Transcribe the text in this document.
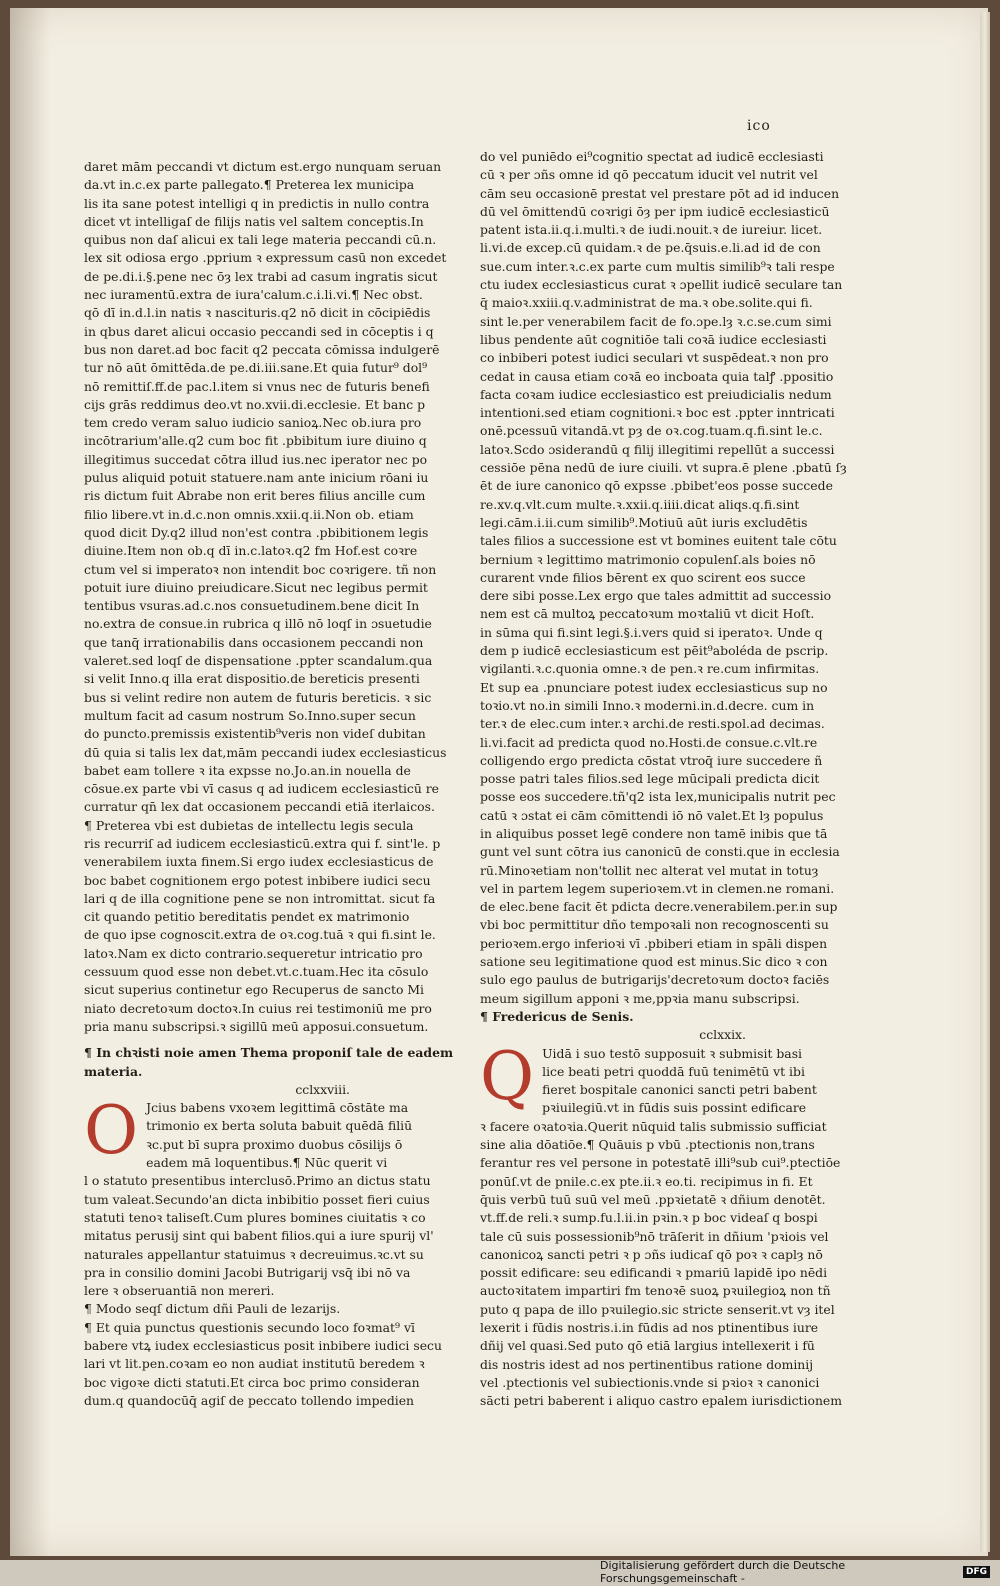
ico
daret mām peccandi vt dictum est.ergo nunquam seruan
da.vt in.c.ex parte pallegato.¶ Preterea lex municipa
lis ita sane potest intelligi q in predictis in nullo contra
dicet vt intelligaſ de filijs natis vel saltem conceptis.In
quibus non daſ alicui ex tali lege materia peccandi cū.n.
lex sit odiosa ergo .pprium ꝛ expressum casū non excedet
de pe.di.i.§.pene nec ōȝ lex trabi ad casum ingratis sicut
nec iuramentū.extra de iura'calum.c.i.li.vi.¶ Nec obst.
qō dī in.d.l.in natis ꝛ nascituris.q2 nō dicit in cōcipiēdis
in qbus daret alicui occasio peccandi sed in cōceptis i q
bus non daret.ad boc facit q2 peccata cōmissa indulgerē
tur nō aūt ōmittēda.de pe.di.iii.sane.Et quia futur⁹ dol⁹
nō remittiſ.ff.de pac.l.item si vnus nec de futuris benefi
cijs grās reddimus deo.vt no.xvii.di.ecclesie. Et banc p
tem credo veram saluo iudicio sanioꝝ.Nec ob.iura pro
incōtrarium'alle.q2 cum boc fit .pbibitum iure diuino q
illegitimus succedat cōtra illud ius.nec iperator nec po
pulus aliquid potuit statuere.nam ante inicium rōani iu
ris dictum fuit Abrabe non erit beres filius ancille cum
filio libere.vt in.d.c.non omnis.xxii.q.ii.Non ob. etiam
quod dicit Dy.q2 illud non'est contra .pbibitionem legis
diuine.Item non ob.q dī in.c.latoꝛ.q2 fm Hof.est coꝛre
ctum vel si imperatoꝛ non intendit boc coꝛrigere. tñ non
potuit iure diuino preiudicare.Sicut nec legibus permit
tentibus vsuras.ad.c.nos consuetudinem.bene dicit In
no.extra de consue.in rubrica q illō nō loqſ in ɔsuetudie
que tanq̄ irrationabilis dans occasionem peccandi non
valeret.sed loqſ de dispensatione .ppter scandalum.qua
si velit Inno.q illa erat dispositio.de bereticis presenti
bus si velint redire non autem de futuris bereticis. ꝛ sic
multum facit ad casum nostrum So.Inno.super secun
do puncto.premissis existentib⁹veris non videſ dubitan
dū quia si talis lex dat,mām peccandi iudex ecclesiasticus
babet eam tollere ꝛ ita expsse no.Jo.an.in nouella de
cōsue.ex parte vbi vī casus q ad iudicem ecclesiasticū re
curratur qn̄ lex dat occasionem peccandi etiā iterlaicos.
¶ Preterea vbi est dubietas de intellectu legis secula
ris recurriſ ad iudicem ecclesiasticū.extra qui f. sint'le. p
venerabilem iuxta finem.Si ergo iudex ecclesiasticus de
boc babet cognitionem ergo potest inbibere iudici secu
lari q de illa cognitione pene se non intromittat. sicut fa
cit quando petitio bereditatis pendet ex matrimonio
de quo ipse cognoscit.extra de oꝛ.cog.tuā ꝛ qui fi.sint le.
latoꝛ.Nam ex dicto contrario.sequeretur intricatio pro
cessuum quod esse non debet.vt.c.tuam.Hec ita cōsulo
sicut superius continetur ego Recuperus de sancto Mi
niato decretoꝛum doctoꝛ.In cuius rei testimoniū me pro
pria manu subscripsi.ꝛ sigillū meū apposui.consuetum.
¶ In chꝛisti noie amen Thema proponiſ tale de eadem
materia.
cclxxviii.
O Jcius babens vxoꝛem legittimā cōstāte ma
trimonio ex berta soluta babuit quēdā filiū
ꝛc.put bī supra proximo duobus cōsilijs ō
eadem mā loquentibus.¶ Nūc querit vi
l o statuto presentibus interclusō.Primo an dictus statu
tum valeat.Secundo'an dicta inbibitio posset fieri cuius
statuti tenoꝛ taliseſt.Cum plures bomines ciuitatis ꝛ co
mitatus perusij sint qui babent filios.qui a iure spurij vl'
naturales appellantur statuimus ꝛ decreuimus.ꝛc.vt su
pra in consilio domini Jacobi Butrigarij vsq̄ ibi nō va
lere ꝛ obseruantiā non mereri.
¶ Modo seqſ dictum dñi Pauli de lezarijs.
¶ Et quia punctus questionis secundo loco foꝛmat⁹ vī
babere vtꝝ iudex ecclesiasticus posit inbibere iudici secu
lari vt lit.pen.coꝛam eo non audiat institutū beredem ꝛ
boc vigoꝛe dicti statuti.Et circa boc primo consideran
dum.q quandocūq̄ agiſ de peccato tollendo impedien
do vel puniēdo ei⁹cognitio spectat ad iudicē ecclesiasti
cū ꝛ per ɔñs omne id qō peccatum iducit vel nutrit vel
cām seu occasionē prestat vel prestare pōt ad id inducen
dū vel ōmittendū coꝛrigi ōȝ per ipm iudicē ecclesiasticū
patent ista.ii.q.i.multi.ꝛ de iudi.nouit.ꝛ de iureiur. licet.
li.vi.de excep.cū quidam.ꝛ de pe.q̄suis.e.li.ad id de con
sue.cum inter.ꝛ.c.ex parte cum multis similib⁹ꝛ tali respe
ctu iudex ecclesiasticus curat ꝛ ɔpellit iudicē seculare tan
q̄ maioꝛ.xxiii.q.v.administrat de ma.ꝛ obe.solite.qui fi.
sint le.per venerabilem facit de fo.ɔpe.lȝ ꝛ.c.se.cum simi
libus pendente aūt cognitiōe tali coꝛā iudice ecclesiasti
co inbiberi potest iudici seculari vt suspēdeat.ꝛ non pro
cedat in causa etiam coꝛā eo incboata quia talꝭ .ppositio
facta coꝛam iudice ecclesiastico est preiudicialis nedum
intentioni.sed etiam cognitioni.ꝛ boc est .ppter inntricati
onē.pcessuū vitandā.vt pȝ de oꝛ.cog.tuam.q.fi.sint le.c.
latoꝛ.Scdo ɔsiderandū q filij illegitimi repellūt a successi
cessiōe pēna nedū de iure ciuili. vt supra.ē plene .pbatū ſȝ
ēt de iure canonico qō expsse .pbibet'eos posse succede
re.xv.q.vlt.cum multe.ꝛ.xxii.q.iiii.dicat aliqs.q.fi.sint
legi.cām.i.ii.cum similib⁹.Motiuū aūt iuris excludētis
tales filios a successione est vt bomines euitent tale cōtu
bernium ꝛ legittimo matrimonio copulenſ.als boies nō
curarent vnde filios bērent ex quo scirent eos succe
dere sibi posse.Lex ergo que tales admittit ad successio
nem est cā multoꝝ peccatoꝛum moꝛtaliū vt dicit Hoſt.
in sūma qui fi.sint legi.§.i.vers quid si iperatoꝛ. Unde q
dem p iudicē ecclesiasticum est pēit⁹aboléda de pscrip.
vigilanti.ꝛ.c.quonia omne.ꝛ de pen.ꝛ re.cum infirmitas.
Et sup ea .pnunciare potest iudex ecclesiasticus sup no
toꝛio.vt no.in simili Inno.ꝛ moderni.in.d.decre. cum in
ter.ꝛ de elec.cum inter.ꝛ archi.de resti.spol.ad decimas.
li.vi.facit ad predicta quod no.Hosti.de consue.c.vlt.re
colligendo ergo predicta cōstat vtroq̄ iure succedere ñ
posse patri tales filios.sed lege mūcipali predicta dicit
posse eos succedere.tñ'q2 ista lex,municipalis nutrit pec
catū ꝛ ɔstat ei cām cōmittendi iō nō valet.Et lȝ populus
in aliquibus posset legē condere non tamē inibis que tā
gunt vel sunt cōtra ius canonicū de consti.que in ecclesia
rū.Minoꝛetiam non'tollit nec alterat vel mutat in totuȝ
vel in partem legem superioꝛem.vt in clemen.ne romani.
de elec.bene facit ēt pdicta decre.venerabilem.per.in sup
vbi boc permittitur dño tempoꝛali non recognoscenti su
perioꝛem.ergo inferioꝛi vī .pbiberi etiam in spāli dispen
satione seu legitimatione quod est minus.Sic dico ꝛ con
sulo ego paulus de butrigarijs'decretoꝛum doctoꝛ faciēs
meum sigillum apponi ꝛ me,ppꝛia manu subscripsi.
¶ Fredericus de Senis.
cclxxix.
Q Uidā i suo testō supposuit ꝛ submisit basi
lice beati petri quoddā fuū tenimētū vt ibi
fieret bospitale canonici sancti petri babent
pꝛiuilegiū.vt in fūdis suis possint edificare
ꝛ facere oꝛatoꝛia.Querit nūquid talis submissio sufficiat
sine alia dōatiōe.¶ Quāuis p vbū .ptectionis non,trans
ferantur res vel persone in potestatē illi⁹sub cui⁹.ptectiōe
ponūſ.vt de pnile.c.ex pte.ii.ꝛ eo.ti. recipimus in fi. Et
q̄uis verbū tuū suū vel meū .ppꝛietatē ꝛ dñium denotēt.
vt.ff.de reli.ꝛ sump.fu.l.ii.in pꝛin.ꝛ p boc videaſ q bospi
tale cū suis possessionib⁹nō trāſerit in dñium 'pꝛiois vel
canonicoꝝ sancti petri ꝛ p ɔñs iudicaſ qō poꝛ ꝛ caplȝ nō
possit edificare: seu edificandi ꝛ pmariū lapidē ipo nēdi
auctoꝛitatem impartiri fm tenoꝛē suoꝝ pꝛuilegioꝝ non tñ
puto q papa de illo pꝛuilegio.sic stricte senserit.vt vȝ itel
lexerit i fūdis nostris.i.in fūdis ad nos ptinentibus iure
dñij vel quasi.Sed puto qō etiā largius intellexerit i fū
dis nostris idest ad nos pertinentibus ratione dominij
vel .ptectionis vel subiectionis.vnde si pꝛioꝛ ꝛ canonici
sācti petri baberent i aliquo castro epalem iurisdictionem
Digitalisierung gefördert durch die Deutsche Forschungsgemeinschaft -	DFG
